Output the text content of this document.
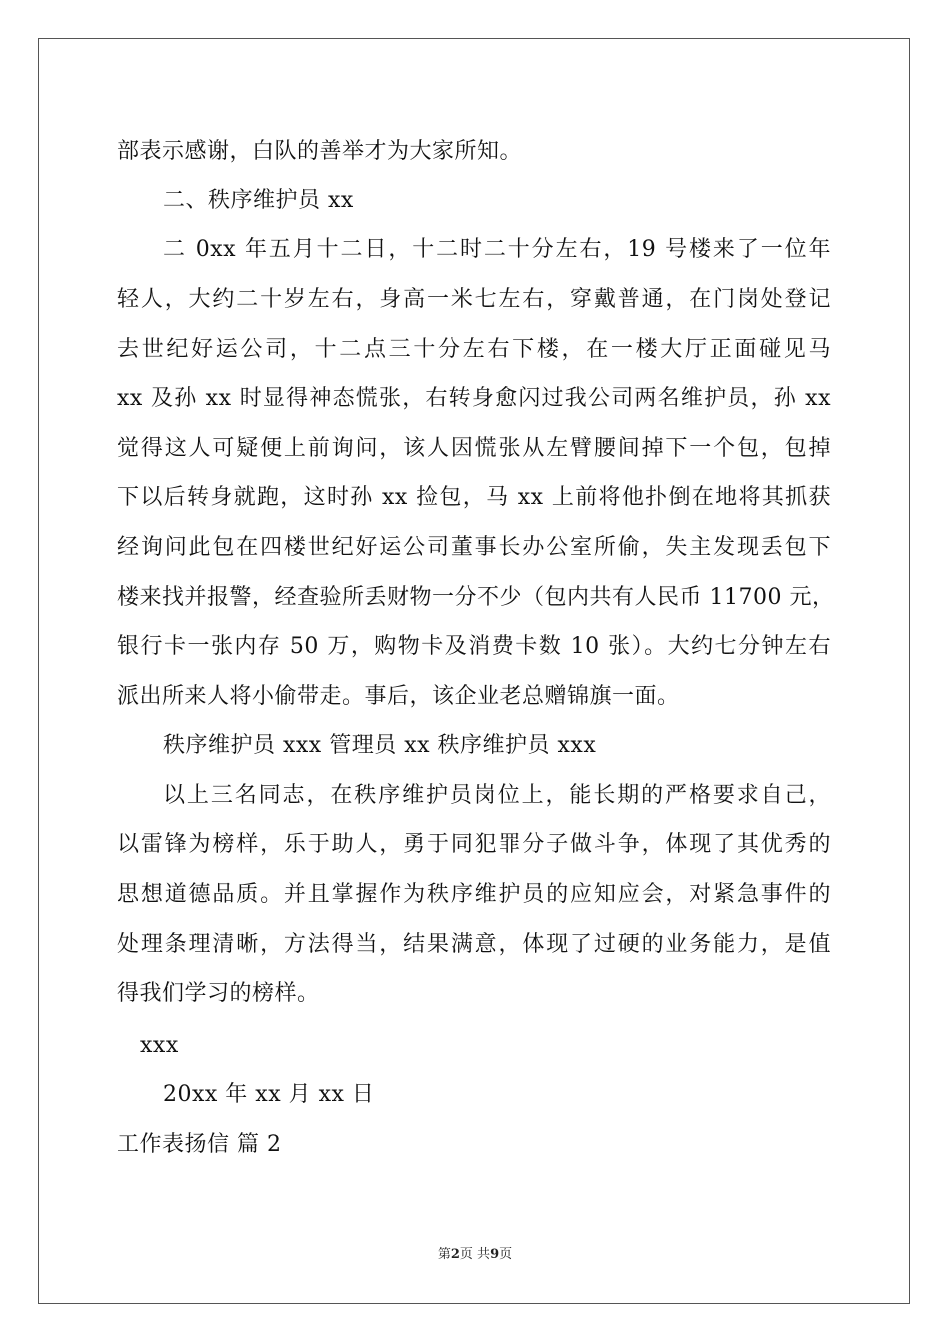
部表示感谢，白队的善举才为大家所知。
二、秩序维护员 xx
二 0xx 年五月十二日，十二时二十分左右，19 号楼来了一位年
轻人，大约二十岁左右，身高一米七左右，穿戴普通，在门岗处登记
去世纪好运公司，十二点三十分左右下楼，在一楼大厅正面碰见马
xx 及孙 xx 时显得神态慌张，右转身愈闪过我公司两名维护员，孙 xx
觉得这人可疑便上前询问，该人因慌张从左臂腰间掉下一个包，包掉
下以后转身就跑，这时孙 xx 捡包，马 xx 上前将他扑倒在地将其抓获
经询问此包在四楼世纪好运公司董事长办公室所偷，失主发现丢包下
楼来找并报警，经查验所丢财物一分不少（包内共有人民币 11700 元，
银行卡一张内存 50 万，购物卡及消费卡数 10 张）。大约七分钟左右
派出所来人将小偷带走。事后，该企业老总赠锦旗一面。
秩序维护员 xxx 管理员 xx 秩序维护员 xxx
以上三名同志，在秩序维护员岗位上，能长期的严格要求自己，
以雷锋为榜样，乐于助人，勇于同犯罪分子做斗争，体现了其优秀的
思想道德品质。并且掌握作为秩序维护员的应知应会，对紧急事件的
处理条理清晰，方法得当，结果满意，体现了过硬的业务能力，是值
得我们学习的榜样。
xxx
20xx 年 xx 月 xx 日
工作表扬信 篇 2
第2页 共9页
